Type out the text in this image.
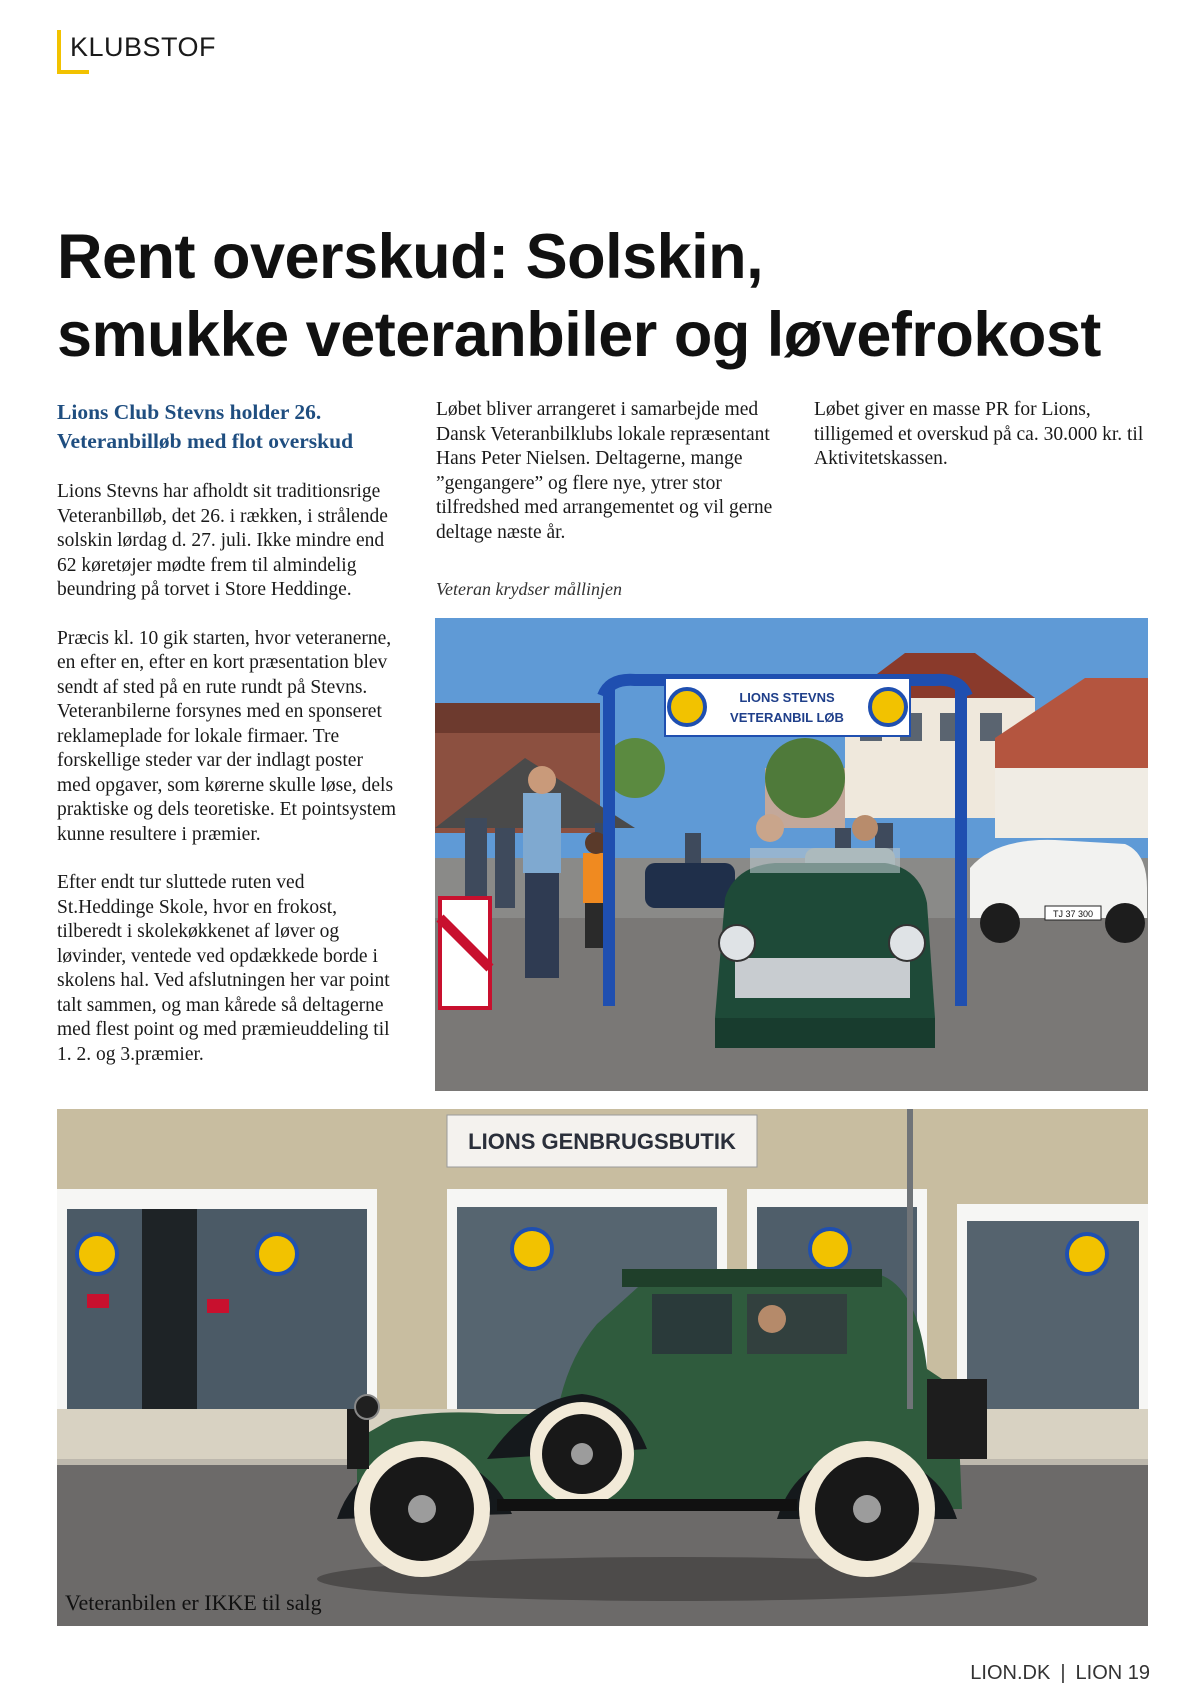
KLUBSTOF
Rent overskud: Solskin,
smukke veteranbiler og løvefrokost

Lions Club Stevns holder 26.
Veteranbilløb med flot overskud

Lions Stevns har afholdt sit traditionsrige Veteranbilløb, det 26. i rækken, i strålende solskin lørdag d. 27. juli. Ikke mindre end 62 køretøjer mødte frem til almindelig beundring på torvet i Store Heddinge.

Præcis kl. 10 gik starten, hvor veteranerne, en efter en, efter en kort præsentation blev sendt af sted på en rute rundt på Stevns. Veteranbilerne forsynes med en sponseret reklameplade for lokale firmaer. Tre forskellige steder var der indlagt poster med opgaver, som kørerne skulle løse, dels praktiske og dels teoretiske. Et pointsystem kunne resultere i præmier.

Efter endt tur sluttede ruten ved St.Heddinge Skole, hvor en frokost, tilberedt i skolekøkkenet af løver og løvinder, ventede ved opdækkede borde i skolens hal. Ved afslutningen her var point talt sammen, og man kårede så deltagerne med flest point og med præmieuddeling til 1. 2. og 3.præmier.

Løbet bliver arrangeret i samarbejde med Dansk Veteranbilklubs lokale repræsentant Hans Peter Nielsen. Deltagerne, mange ”gengangere” og flere nye, ytrer stor tilfredshed med arrangementet og vil gerne deltage næste år.

Løbet giver en masse PR for Lions, tilligemed et overskud på ca. 30.000 kr. til Aktivitetskassen.

Veteran krydser mållinjen
LIONS STEVNS
VETERANBIL LØB
TJ 37 300
LIONS GENBRUGSBUTIK
Veteranbilen er IKKE til salg
LION.DK | LION 19
